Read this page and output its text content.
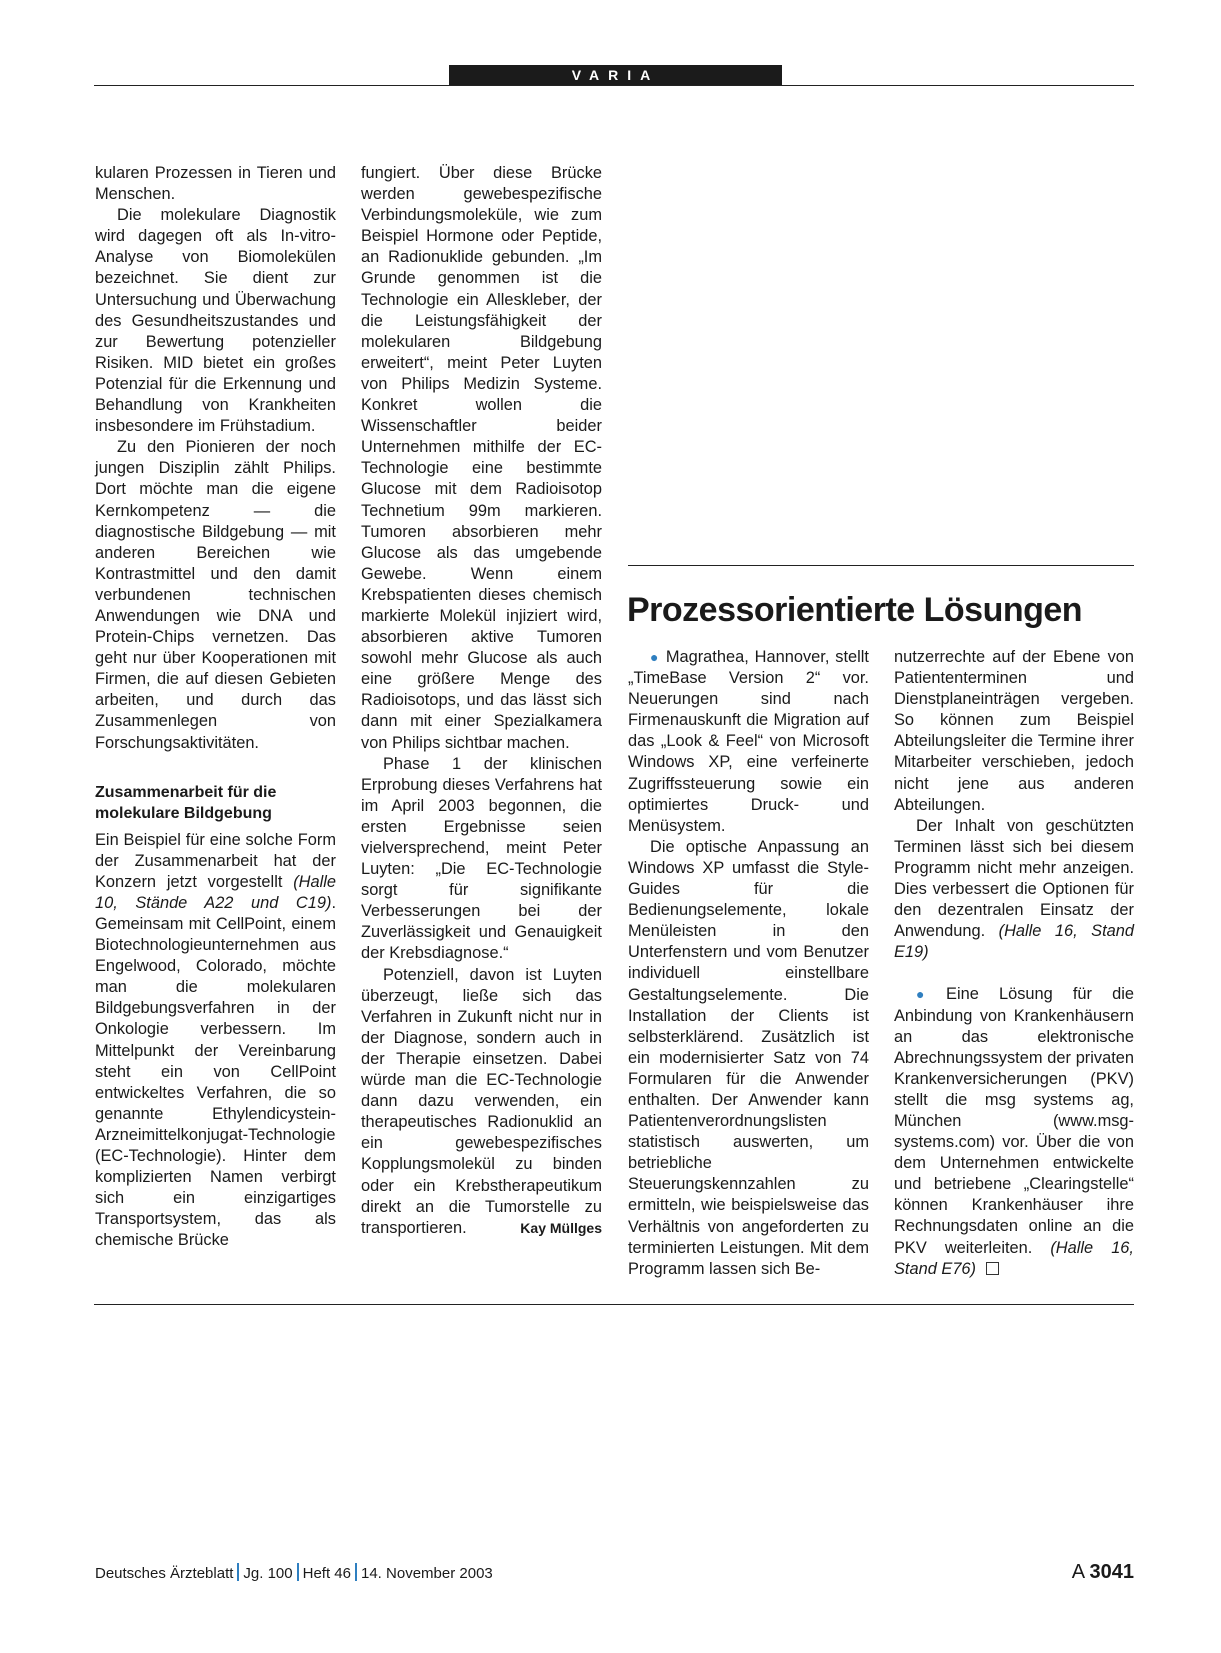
VARIA

kularen Prozessen in Tieren und Menschen.

Die molekulare Diagnostik wird dagegen oft als In-vitro-Analyse von Biomolekülen bezeichnet. Sie dient zur Untersuchung und Überwachung des Gesundheitszustandes und zur Bewertung potenzieller Risiken. MID bietet ein großes Potenzial für die Erkennung und Behandlung von Krankheiten insbesondere im Frühstadium.

Zu den Pionieren der noch jungen Disziplin zählt Philips. Dort möchte man die eigene Kernkompetenz — die diagnostische Bildgebung — mit anderen Bereichen wie Kontrastmittel und den damit verbundenen technischen Anwendungen wie DNA und Protein-Chips vernetzen. Das geht nur über Kooperationen mit Firmen, die auf diesen Gebieten arbeiten, und durch das Zusammenlegen von Forschungsaktivitäten.

Zusammenarbeit für die molekulare Bildgebung

Ein Beispiel für eine solche Form der Zusammenarbeit hat der Konzern jetzt vorgestellt (Halle 10, Stände A22 und C19). Gemeinsam mit CellPoint, einem Biotechnologieunternehmen aus Engelwood, Colorado, möchte man die molekularen Bildgebungsverfahren in der Onkologie verbessern. Im Mittelpunkt der Vereinbarung steht ein von CellPoint entwickeltes Verfahren, die so genannte Ethylendicystein-Arzneimittelkonjugat-Technologie (EC-Technologie). Hinter dem komplizierten Namen verbirgt sich ein einzigartiges Transportsystem, das als chemische Brücke

fungiert. Über diese Brücke werden gewebespezifische Verbindungsmoleküle, wie zum Beispiel Hormone oder Peptide, an Radionuklide gebunden. „Im Grunde genommen ist die Technologie ein Alleskleber, der die Leistungsfähigkeit der molekularen Bildgebung erweitert“, meint Peter Luyten von Philips Medizin Systeme. Konkret wollen die Wissenschaftler beider Unternehmen mithilfe der EC-Technologie eine bestimmte Glucose mit dem Radioisotop Technetium 99m markieren. Tumoren absorbieren mehr Glucose als das umgebende Gewebe. Wenn einem Krebspatienten dieses chemisch markierte Molekül injiziert wird, absorbieren aktive Tumoren sowohl mehr Glucose als auch eine größere Menge des Radioisotops, und das lässt sich dann mit einer Spezialkamera von Philips sichtbar machen.

Phase 1 der klinischen Erprobung dieses Verfahrens hat im April 2003 begonnen, die ersten Ergebnisse seien vielversprechend, meint Peter Luyten: „Die EC-Technologie sorgt für signifikante Verbesserungen bei der Zuverlässigkeit und Genauigkeit der Krebsdiagnose.“

Potenziell, davon ist Luyten überzeugt, ließe sich das Verfahren in Zukunft nicht nur in der Diagnose, sondern auch in der Therapie einsetzen. Dabei würde man die EC-Technologie dann dazu verwenden, ein therapeutisches Radionuklid an ein gewebespezifisches Kopplungsmolekül zu binden oder ein Krebstherapeutikum direkt an die Tumorstelle zu transportieren.	Kay Müllges

Prozessorientierte Lösungen

● Magrathea, Hannover, stellt „TimeBase Version 2“ vor. Neuerungen sind nach Firmenauskunft die Migration auf das „Look & Feel“ von Microsoft Windows XP, eine verfeinerte Zugriffssteuerung sowie ein optimiertes Druck- und Menüsystem.

Die optische Anpassung an Windows XP umfasst die Style-Guides für die Bedienungselemente, lokale Menüleisten in den Unterfenstern und vom Benutzer individuell einstellbare Gestaltungselemente. Die Installation der Clients ist selbsterklärend. Zusätzlich ist ein modernisierter Satz von 74 Formularen für die Anwender enthalten. Der Anwender kann Patientenverordnungslisten statistisch auswerten, um betriebliche Steuerungskennzahlen zu ermitteln, wie beispielsweise das Verhältnis von angeforderten zu terminierten Leistungen. Mit dem Programm lassen sich Be-

nutzerrechte auf der Ebene von Patiententerminen und Dienstplaneinträgen vergeben. So können zum Beispiel Abteilungsleiter die Termine ihrer Mitarbeiter verschieben, jedoch nicht jene aus anderen Abteilungen.

Der Inhalt von geschützten Terminen lässt sich bei diesem Programm nicht mehr anzeigen. Dies verbessert die Optionen für den dezentralen Einsatz der Anwendung. (Halle 16, Stand E19)

● Eine Lösung für die Anbindung von Krankenhäusern an das elektronische Abrechnungssystem der privaten Krankenversicherungen (PKV) stellt die msg systems ag, München (www.msg-systems.com) vor. Über die von dem Unternehmen entwickelte und betriebene „Clearingstelle“ können Krankenhäuser ihre Rechnungsdaten online an die PKV weiterleiten. (Halle 16, Stand E76)

Deutsches Ärzteblatt Jg. 100 Heft 46 14. November 2003	A 3041
